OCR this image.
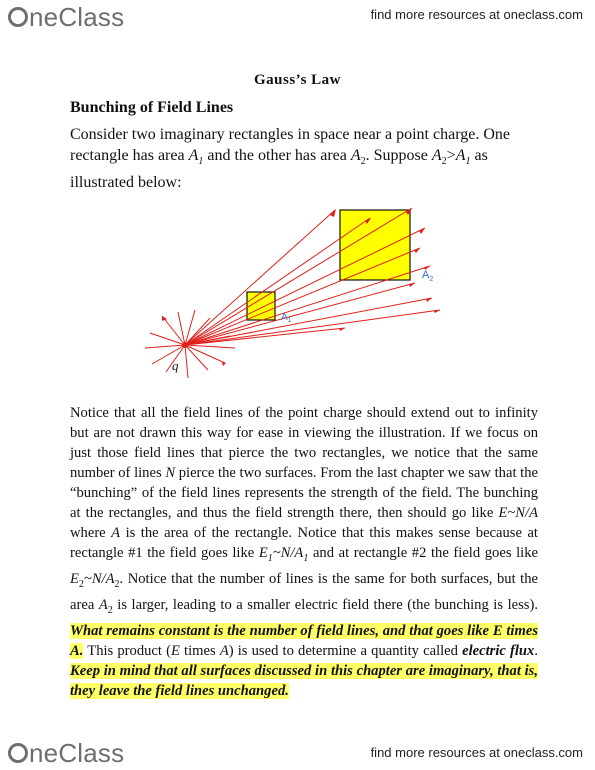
neClass	find more resources at oneclass.com
Gauss’s Law
Bunching of Field Lines

Consider two imaginary rectangles in space near a point charge. One rectangle has area $A_1$ and the other has area $A_2$. Suppose $A_2>A_1$ as illustrated below:

q
$A_1$
$A_2$

Notice that all the field lines of the point charge should extend out to infinity but are not drawn this way for ease in viewing the illustration. If we focus on just those field lines that pierce the two rectangles, we notice that the same number of lines N pierce the two surfaces. From the last chapter we saw that the “bunching” of the field lines represents the strength of the field. The bunching at the rectangles, and thus the field strength there, then should go like E~N/A where A is the area of the rectangle. Notice that this makes sense because at rectangle #1 the field goes like $E_1\sim N/A_1$ and at rectangle #2 the field goes like $E_2\sim N/A_2$. Notice that the number of lines is the same for both surfaces, but the area $A_2$ is larger, leading to a smaller electric field there (the bunching is less). What remains constant is the number of field lines, and that goes like E times A. This product (E times A) is used to determine a quantity called electric flux. Keep in mind that all surfaces discussed in this chapter are imaginary, that is, they leave the field lines unchanged.

neClass	find more resources at oneclass.com
